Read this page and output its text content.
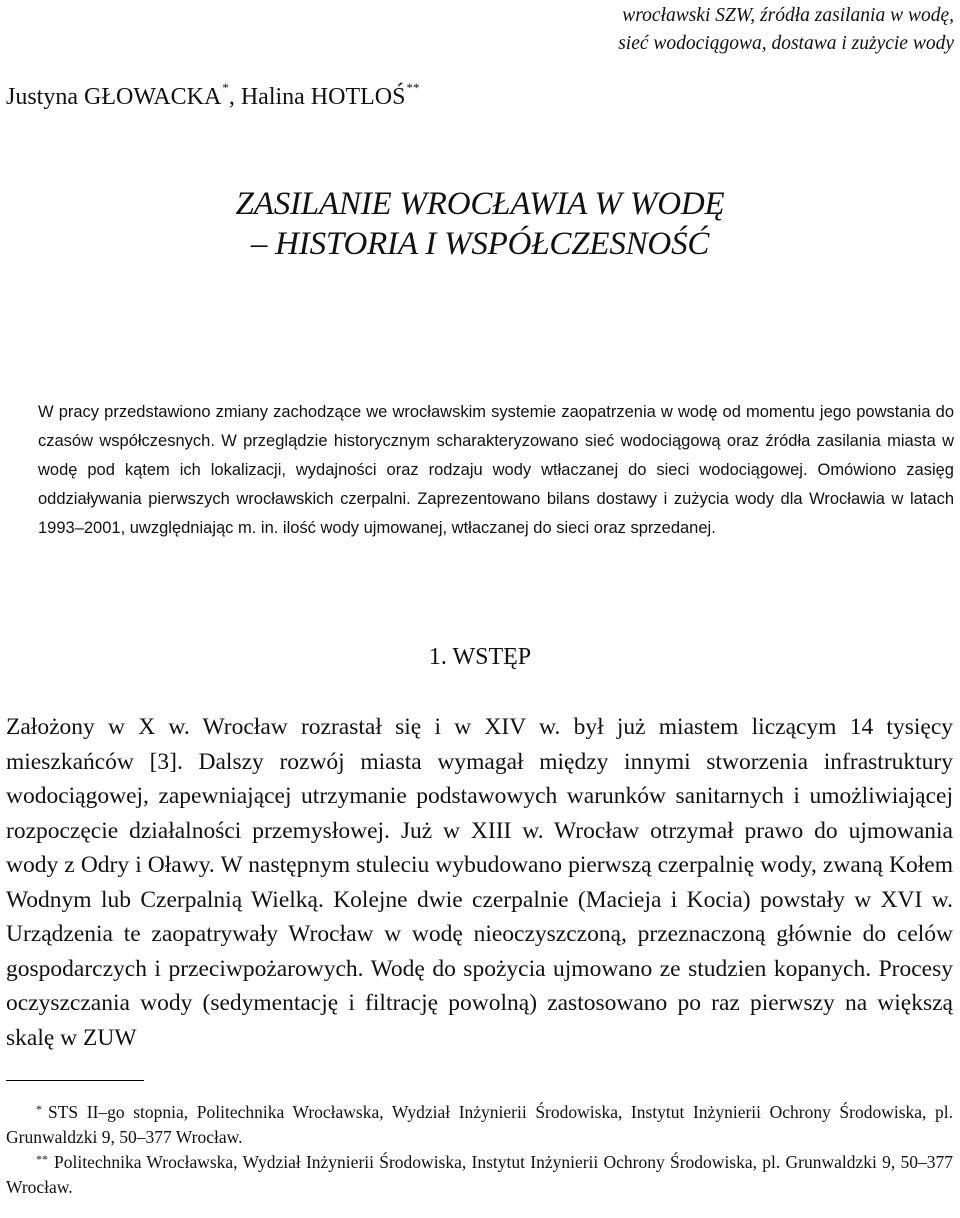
wrocławski SZW, źródła zasilania w wodę,
sieć wodociągowa, dostawa i zużycie wody
Justyna GŁOWACKA*, Halina HOTLOŚ**
ZASILANIE WROCŁAWIA W WODĘ
– HISTORIA I WSPÓŁCZESNOŚĆ

W pracy przedstawiono zmiany zachodzące we wrocławskim systemie zaopatrzenia w wodę od momentu jego powstania do czasów współczesnych. W przeglądzie historycznym scharakteryzowano sieć wodociągową oraz źródła zasilania miasta w wodę pod kątem ich lokalizacji, wydajności oraz rodzaju wody wtłaczanej do sieci wodociągowej. Omówiono zasięg oddziaływania pierwszych wrocławskich czerpalni. Zaprezentowano bilans dostawy i zużycia wody dla Wrocławia w latach 1993–2001, uwzględniając m. in. ilość wody ujmowanej, wtłaczanej do sieci oraz sprzedanej.

1. WSTĘP

Założony w X w. Wrocław rozrastał się i w XIV w. był już miastem liczącym 14 tysięcy mieszkańców [3]. Dalszy rozwój miasta wymagał między innymi stworzenia infrastruktury wodociągowej, zapewniającej utrzymanie podstawowych warunków sanitarnych i umożliwiającej rozpoczęcie działalności przemysłowej. Już w XIII w. Wrocław otrzymał prawo do ujmowania wody z Odry i Oławy. W następnym stuleciu wybudowano pierwszą czerpalnię wody, zwaną Kołem Wodnym lub Czerpalnią Wielką. Kolejne dwie czerpalnie (Macieja i Kocia) powstały w XVI w. Urządzenia te zaopatrywały Wrocław w wodę nieoczyszczoną, przeznaczoną głównie do celów gospodarczych i przeciwpożarowych. Wodę do spożycia ujmowano ze studzien kopanych. Procesy oczyszczania wody (sedymentację i filtrację powolną) zastosowano po raz pierwszy na większą skalę w ZUW

* STS II–go stopnia, Politechnika Wrocławska, Wydział Inżynierii Środowiska, Instytut Inżynierii Ochrony Środowiska, pl. Grunwaldzki 9, 50–377 Wrocław.

** Politechnika Wrocławska, Wydział Inżynierii Środowiska, Instytut Inżynierii Ochrony Środowiska, pl. Grunwaldzki 9, 50–377 Wrocław.
